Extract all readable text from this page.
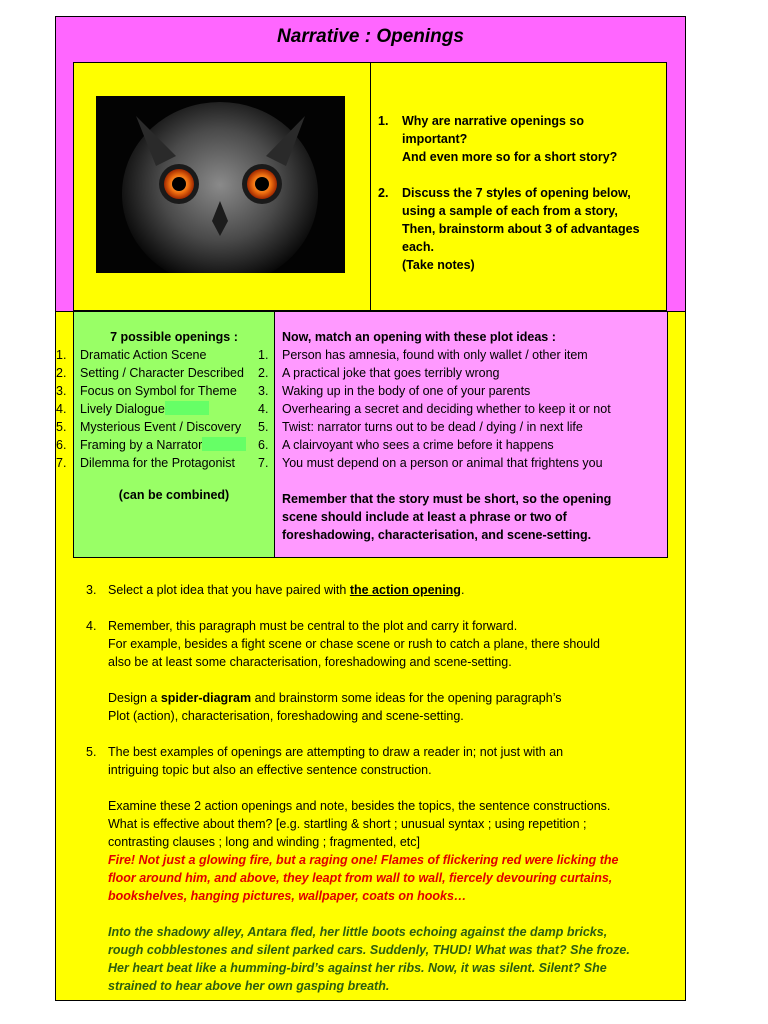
Narrative : Openings
1. Why are narrative openings so
important?
And even more so for a short story?
2. Discuss the 7 styles of opening below,
using a sample of each from a story,
Then, brainstorm about 3 of advantages
each.
(Take notes)
7 possible openings :
1. Dramatic Action Scene
2. Setting / Character Described
3. Focus on Symbol for Theme
4. Lively Dialogue
5. Mysterious Event / Discovery
6. Framing by a Narrator
7. Dilemma for the Protagonist
(can be combined)
Now, match an opening with these plot ideas :
1. Person has amnesia, found with only wallet / other item
2. A practical joke that goes terribly wrong
3. Waking up in the body of one of your parents
4. Overhearing a secret and deciding whether to keep it or not
5. Twist: narrator turns out to be dead / dying / in next life
6. A clairvoyant who sees a crime before it happens
7. You must depend on a person or animal that frightens you
Remember that the story must be short, so the opening
scene should include at least a phrase or two of
foreshadowing, characterisation, and scene-setting.
3. Select a plot idea that you have paired with the action opening.
4. Remember, this paragraph must be central to the plot and carry it forward.
For example, besides a fight scene or chase scene or rush to catch a plane, there should
also be at least some characterisation, foreshadowing and scene-setting.
Design a spider-diagram and brainstorm some ideas for the opening paragraph’s
Plot (action), characterisation, foreshadowing and scene-setting.
5. The best examples of openings are attempting to draw a reader in; not just with an
intriguing topic but also an effective sentence construction.
Examine these 2 action openings and note, besides the topics, the sentence constructions.
What is effective about them? [e.g. startling & short ; unusual syntax ; using repetition ;
contrasting clauses ; long and winding ; fragmented, etc]
Fire! Not just a glowing fire, but a raging one! Flames of flickering red were licking the
floor around him, and above, they leapt from wall to wall, fiercely devouring curtains,
bookshelves, hanging pictures, wallpaper, coats on hooks…
Into the shadowy alley, Antara fled, her little boots echoing against the damp bricks,
rough cobblestones and silent parked cars. Suddenly, THUD! What was that? She froze.
Her heart beat like a humming-bird’s against her ribs. Now, it was silent. Silent? She
strained to hear above her own gasping breath.
